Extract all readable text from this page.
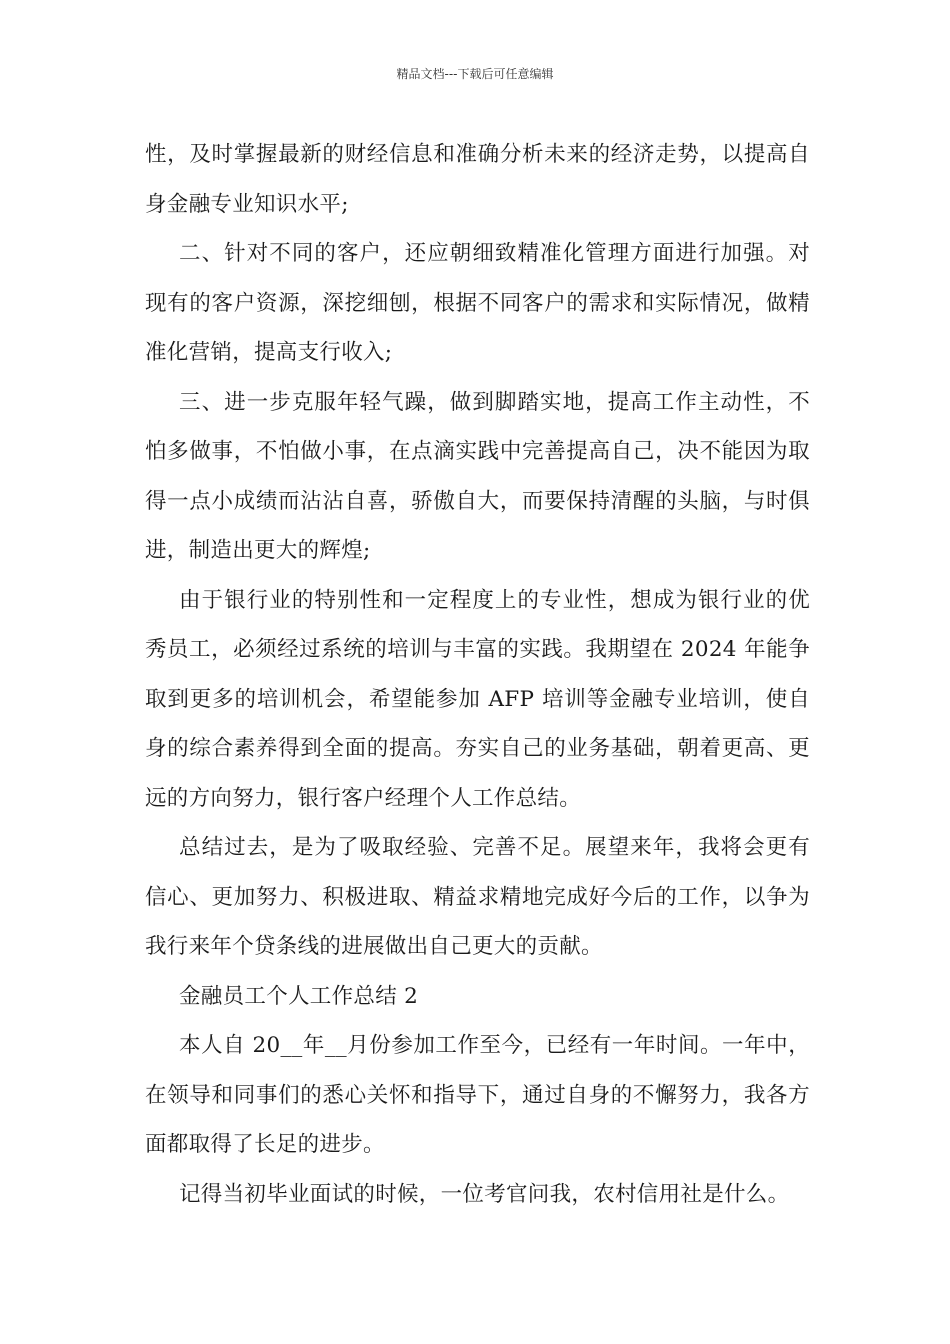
精品文档---下载后可任意编辑

性，及时掌握最新的财经信息和准确分析未来的经济走势，以提高自身金融专业知识水平;

二、针对不同的客户，还应朝细致精准化管理方面进行加强。对现有的客户资源，深挖细刨，根据不同客户的需求和实际情况，做精准化营销，提高支行收入;

三、进一步克服年轻气躁，做到脚踏实地，提高工作主动性，不怕多做事，不怕做小事，在点滴实践中完善提高自己，决不能因为取得一点小成绩而沾沾自喜，骄傲自大，而要保持清醒的头脑，与时俱进，制造出更大的辉煌;

由于银行业的特别性和一定程度上的专业性，想成为银行业的优秀员工，必须经过系统的培训与丰富的实践。我期望在 2024 年能争取到更多的培训机会，希望能参加 AFP 培训等金融专业培训，使自身的综合素养得到全面的提高。夯实自己的业务基础，朝着更高、更远的方向努力，银行客户经理个人工作总结。

总结过去，是为了吸取经验、完善不足。展望来年，我将会更有信心、更加努力、积极进取、精益求精地完成好今后的工作，以争为我行来年个贷条线的进展做出自己更大的贡献。

金融员工个人工作总结 2

本人自 20__年__月份参加工作至今，已经有一年时间。一年中，在领导和同事们的悉心关怀和指导下，通过自身的不懈努力，我各方面都取得了长足的进步。

记得当初毕业面试的时候，一位考官问我，农村信用社是什么。
